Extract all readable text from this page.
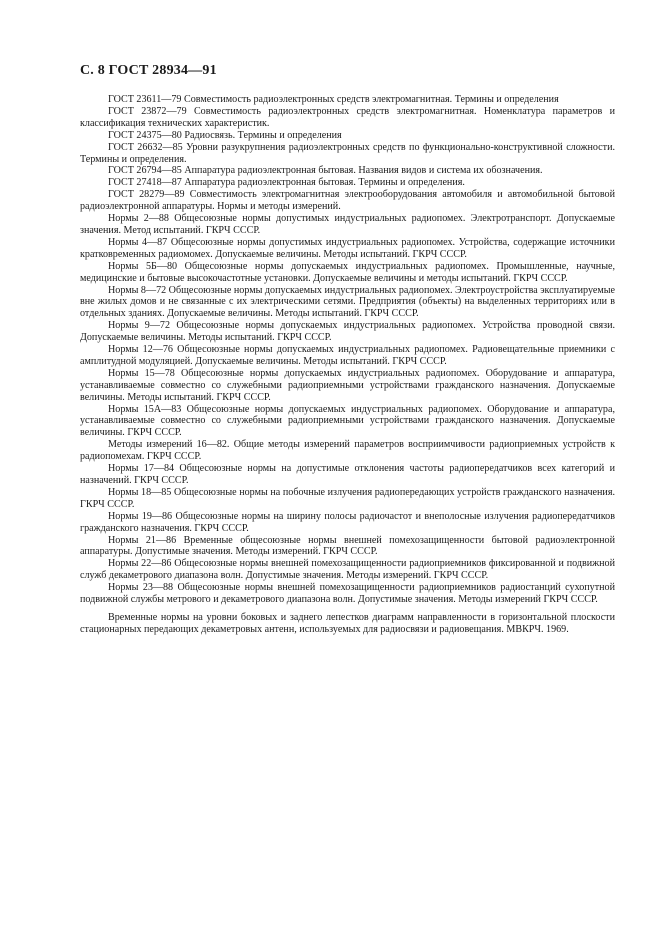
С. 8 ГОСТ 28934—91

ГОСТ 23611—79 Совместимость радиоэлектронных средств электромагнитная. Термины и определения

ГОСТ 23872—79 Совместимость радиоэлектронных средств электромагнитная. Номенклатура параметров и классификация технических характеристик.

ГОСТ 24375—80 Радиосвязь. Термины и определения

ГОСТ 26632—85 Уровни разукрупнения радиоэлектронных средств по функционально-конструктивной сложности. Термины и определения.

ГОСТ 26794—85 Аппаратура радиоэлектронная бытовая. Названия видов и система их обозначения.

ГОСТ 27418—87 Аппаратура радиоэлектронная бытовая. Термины и определения.

ГОСТ 28279—89 Совместимость электромагнитная электрооборудования автомобиля и автомобильной бытовой радиоэлектронной аппаратуры. Нормы и методы измерений.

Нормы 2—88 Общесоюзные нормы допустимых индустриальных радиопомех. Электротранспорт. Допускаемые значения. Метод испытаний. ГКРЧ СССР.

Нормы 4—87 Общесоюзные нормы допустимых индустриальных радиопомех. Устройства, содержащие источники кратковременных радиомомех. Допускаемые величины. Методы испытаний. ГКРЧ СССР.

Нормы 5Б—80 Общесоюзные нормы допускаемых индустриальных радиопомех. Промышленные, научные, медицинские и бытовые высокочастотные установки. Допускаемые величины и методы испытаний. ГКРЧ СССР.

Нормы 8—72 Общесоюзные нормы допускаемых индустриальных радиопомех. Электроустройства эксплуатируемые вне жилых домов и не связанные с их электрическими сетями. Предприятия (объекты) на выделенных территориях или в отдельных зданиях. Допускаемые величины. Методы испытаний. ГКРЧ СССР.

Нормы 9—72 Общесоюзные нормы допускаемых индустриальных радиопомех. Устройства проводной связи. Допускаемые величины. Методы испытаний. ГКРЧ СССР.

Нормы 12—76 Общесоюзные нормы допускаемых индустриальных радиопомех. Радиовещательные приемники с амплитудной модуляцией. Допускаемые величины. Методы испытаний. ГКРЧ СССР.

Нормы 15—78 Общесоюзные нормы допускаемых индустриальных радиопомех. Оборудование и аппаратура, устанавливаемые совместно со служебными радиоприемными устройствами гражданского назначения. Допускаемые величины. Методы испытаний. ГКРЧ СССР.

Нормы 15А—83 Общесоюзные нормы допускаемых индустриальных радиопомех. Оборудование и аппаратура, устанавливаемые совместно со служебными радиоприемными устройствами гражданского назначения. Допускаемые величины. ГКРЧ СССР.

Методы измерений 16—82. Общие методы измерений параметров восприимчивости радиоприемных устройств к радиопомехам. ГКРЧ СССР.

Нормы 17—84 Общесоюзные нормы на допустимые отклонения частоты радиопередатчиков всех категорий и назначений. ГКРЧ СССР.

Нормы 18—85 Общесоюзные нормы на побочные излучения радиопередающих устройств гражданского назначения. ГКРЧ СССР.

Нормы 19—86 Общесоюзные нормы на ширину полосы радиочастот и внеполосные излучения радиопередатчиков гражданского назначения. ГКРЧ СССР.

Нормы 21—86 Временные общесоюзные нормы внешней помехозащищенности бытовой радиоэлектронной аппаратуры. Допустимые значения. Методы измерений. ГКРЧ СССР.

Нормы 22—86 Общесоюзные нормы внешней помехозащищенности радиоприемников фиксированной и подвижной служб декаметрового диапазона волн. Допустимые значения. Методы измерений. ГКРЧ СССР.

Нормы 23—88 Общесоюзные нормы внешней помехозащищенности радиоприемников радиостанций сухопутной подвижной службы метрового и декаметрового диапазона волн. Допустимые значения. Методы измерений ГКРЧ СССР.

Временные нормы на уровни боковых и заднего лепестков диаграмм направленности в горизонтальной плоскости стационарных передающих декаметровых антенн, используемых для радиосвязи и радиовещания. МВКРЧ. 1969.
